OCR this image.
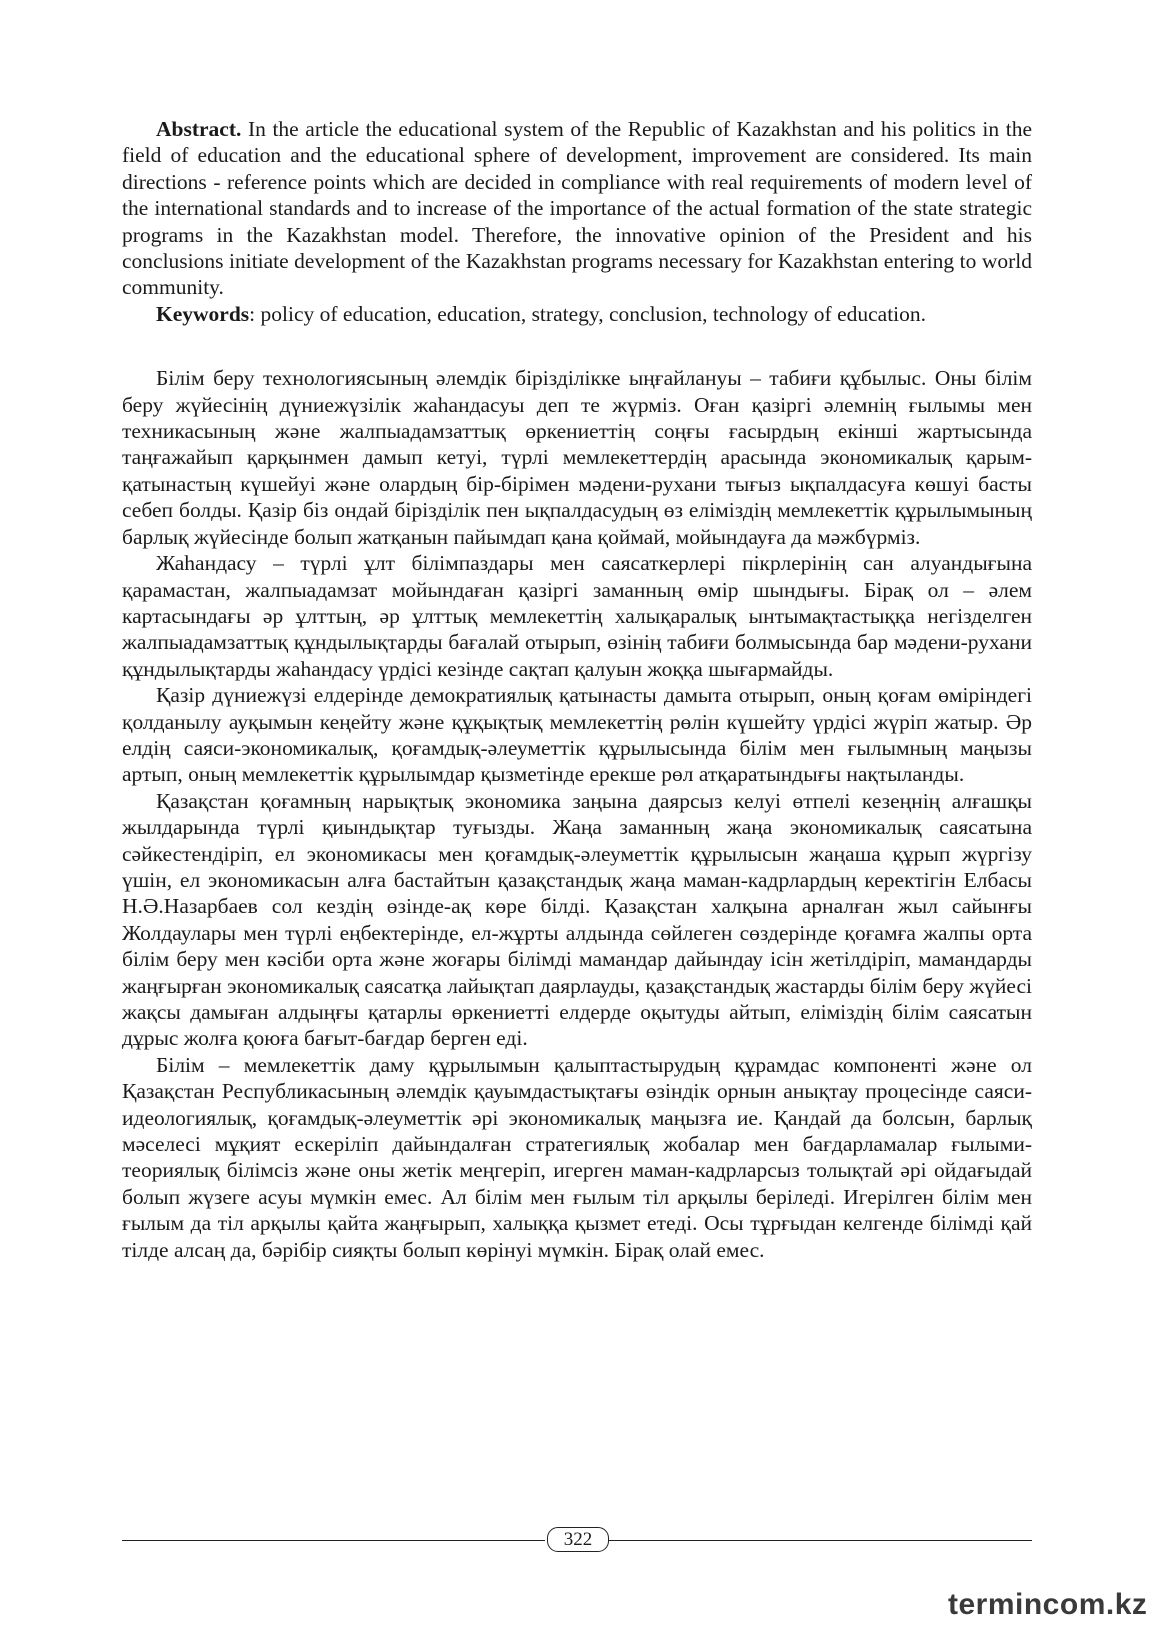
Abstract. In the article the educational system of the Republic of Kazakhstan and his politics in the field of education and the educational sphere of development, improvement are considered. Its main directions - reference points which are decided in compliance with real requirements of modern level of the international standards and to increase of the importance of the actual formation of the state strategic programs in the Kazakhstan model. Therefore, the innovative opinion of the President and his conclusions initiate development of the Kazakhstan programs necessary for Kazakhstan entering to world community.

Keywords: policy of education, education, strategy, conclusion, technology of education.

Білім беру технологиясының әлемдік біріздiлiкке ыңғайлануы – табиғи құбылыс. Оны білім беру жүйесінің дүниежүзілік жаһандасуы деп те жүрміз. Оған қазіргі әлемнің ғылымы мен техникасының және жалпыадамзаттық өркениеттің соңғы ғасырдың екінші жартысында таңғажайып қарқынмен дамып кетуі, түрлі мемлекеттердің арасында экономикалық қарым-қатынастың күшейуі және олардың бір-бірімен мәдени-рухани тығыз ықпалдасуға көшуі басты себеп болды. Қазір біз ондай біріздiлiк пен ықпалдасудың өз еліміздің мемлекеттік құрылымының барлық жүйесінде болып жатқанын пайымдап қана қоймай, мойындауға да мәжбүрміз.

Жаһандасу – түрлі ұлт білімпаздары мен саясаткерлері пікрлерінің сан алуандығына қарамастан, жалпыадамзат мойындаған қазіргі заманның өмір шындығы. Бірақ ол – әлем картасындағы әр ұлттың, әр ұлттық мемлекеттің халықаралық ынтымақтастыққа негізделген жалпыадамзаттық құндылықтарды бағалай отырып, өзінің табиғи болмысында бар мәдени-рухани құндылықтарды жаһандасу үрдісі кезінде сақтап қалуын жоққа шығармайды.

Қазір дүниежүзі елдерінде демократиялық қатынасты дамыта отырып, оның қоғам өміріндегі қолданылу ауқымын кеңейту және құқықтық мемлекеттің рөлін күшейту үрдісі жүріп жатыр. Әр елдің саяси-экономикалық, қоғамдық-әлеуметтік құрылысында білім мен ғылымның маңызы артып, оның мемлекеттік құрылымдар қызметінде ерекше рөл атқаратындығы нақтыланды.

Қазақстан қоғамның нарықтық экономика заңына даярсыз келуі өтпелі кезеңнің алғашқы жылдарында түрлі қиындықтар туғызды. Жаңа заманның жаңа экономикалық саясатына сәйкестендіріп, ел экономикасы мен қоғамдық-әлеуметтік құрылысын жаңаша құрып жүргізу үшін, ел экономикасын алға бастайтын қазақстандық жаңа маман-кадрлардың керектігін Елбасы Н.Ә.Назарбаев сол кездің өзінде-ақ көре білді. Қазақстан халқына арналған жыл сайынғы Жолдаулары мен түрлі еңбектерінде, ел-жұрты алдында сөйлеген сөздерінде қоғамға жалпы орта білім беру мен кәсіби орта және жоғары білімді мамандар дайындау ісін жетілдіріп, мамандарды жаңғырған экономикалық саясатқа лайықтап даярлауды, қазақстандық жастарды білім беру жүйесі жақсы дамыған алдыңғы қатарлы өркениетті елдерде оқытуды айтып, еліміздің білім саясатын дұрыс жолға қоюға бағыт-бағдар берген еді.

Білім – мемлекеттік даму құрылымын қалыптастырудың құрамдас компоненті және ол Қазақстан Республикасының әлемдік қауымдастықтағы өзіндік орнын анықтау процесінде саяси-идеологиялық, қоғамдық-әлеуметтік әрі экономикалық маңызға ие. Қандай да болсын, барлық мәселесі мұқият ескеріліп дайындалған стратегиялық жобалар мен бағдарламалар ғылыми-теориялық білімсіз және оны жетік меңгеріп, игерген маман-кадрларсыз толықтай әрі ойдағыдай болып жүзеге асуы мүмкін емес. Ал білім мен ғылым тіл арқылы беріледі. Игерілген білім мен ғылым да тіл арқылы қайта жаңғырып, халыққа қызмет етеді. Осы тұрғыдан келгенде білімді қай тілде алсаң да, бәрібір сияқты болып көрінуі мүмкін. Бірақ олай емес.

322
termincom.kz
